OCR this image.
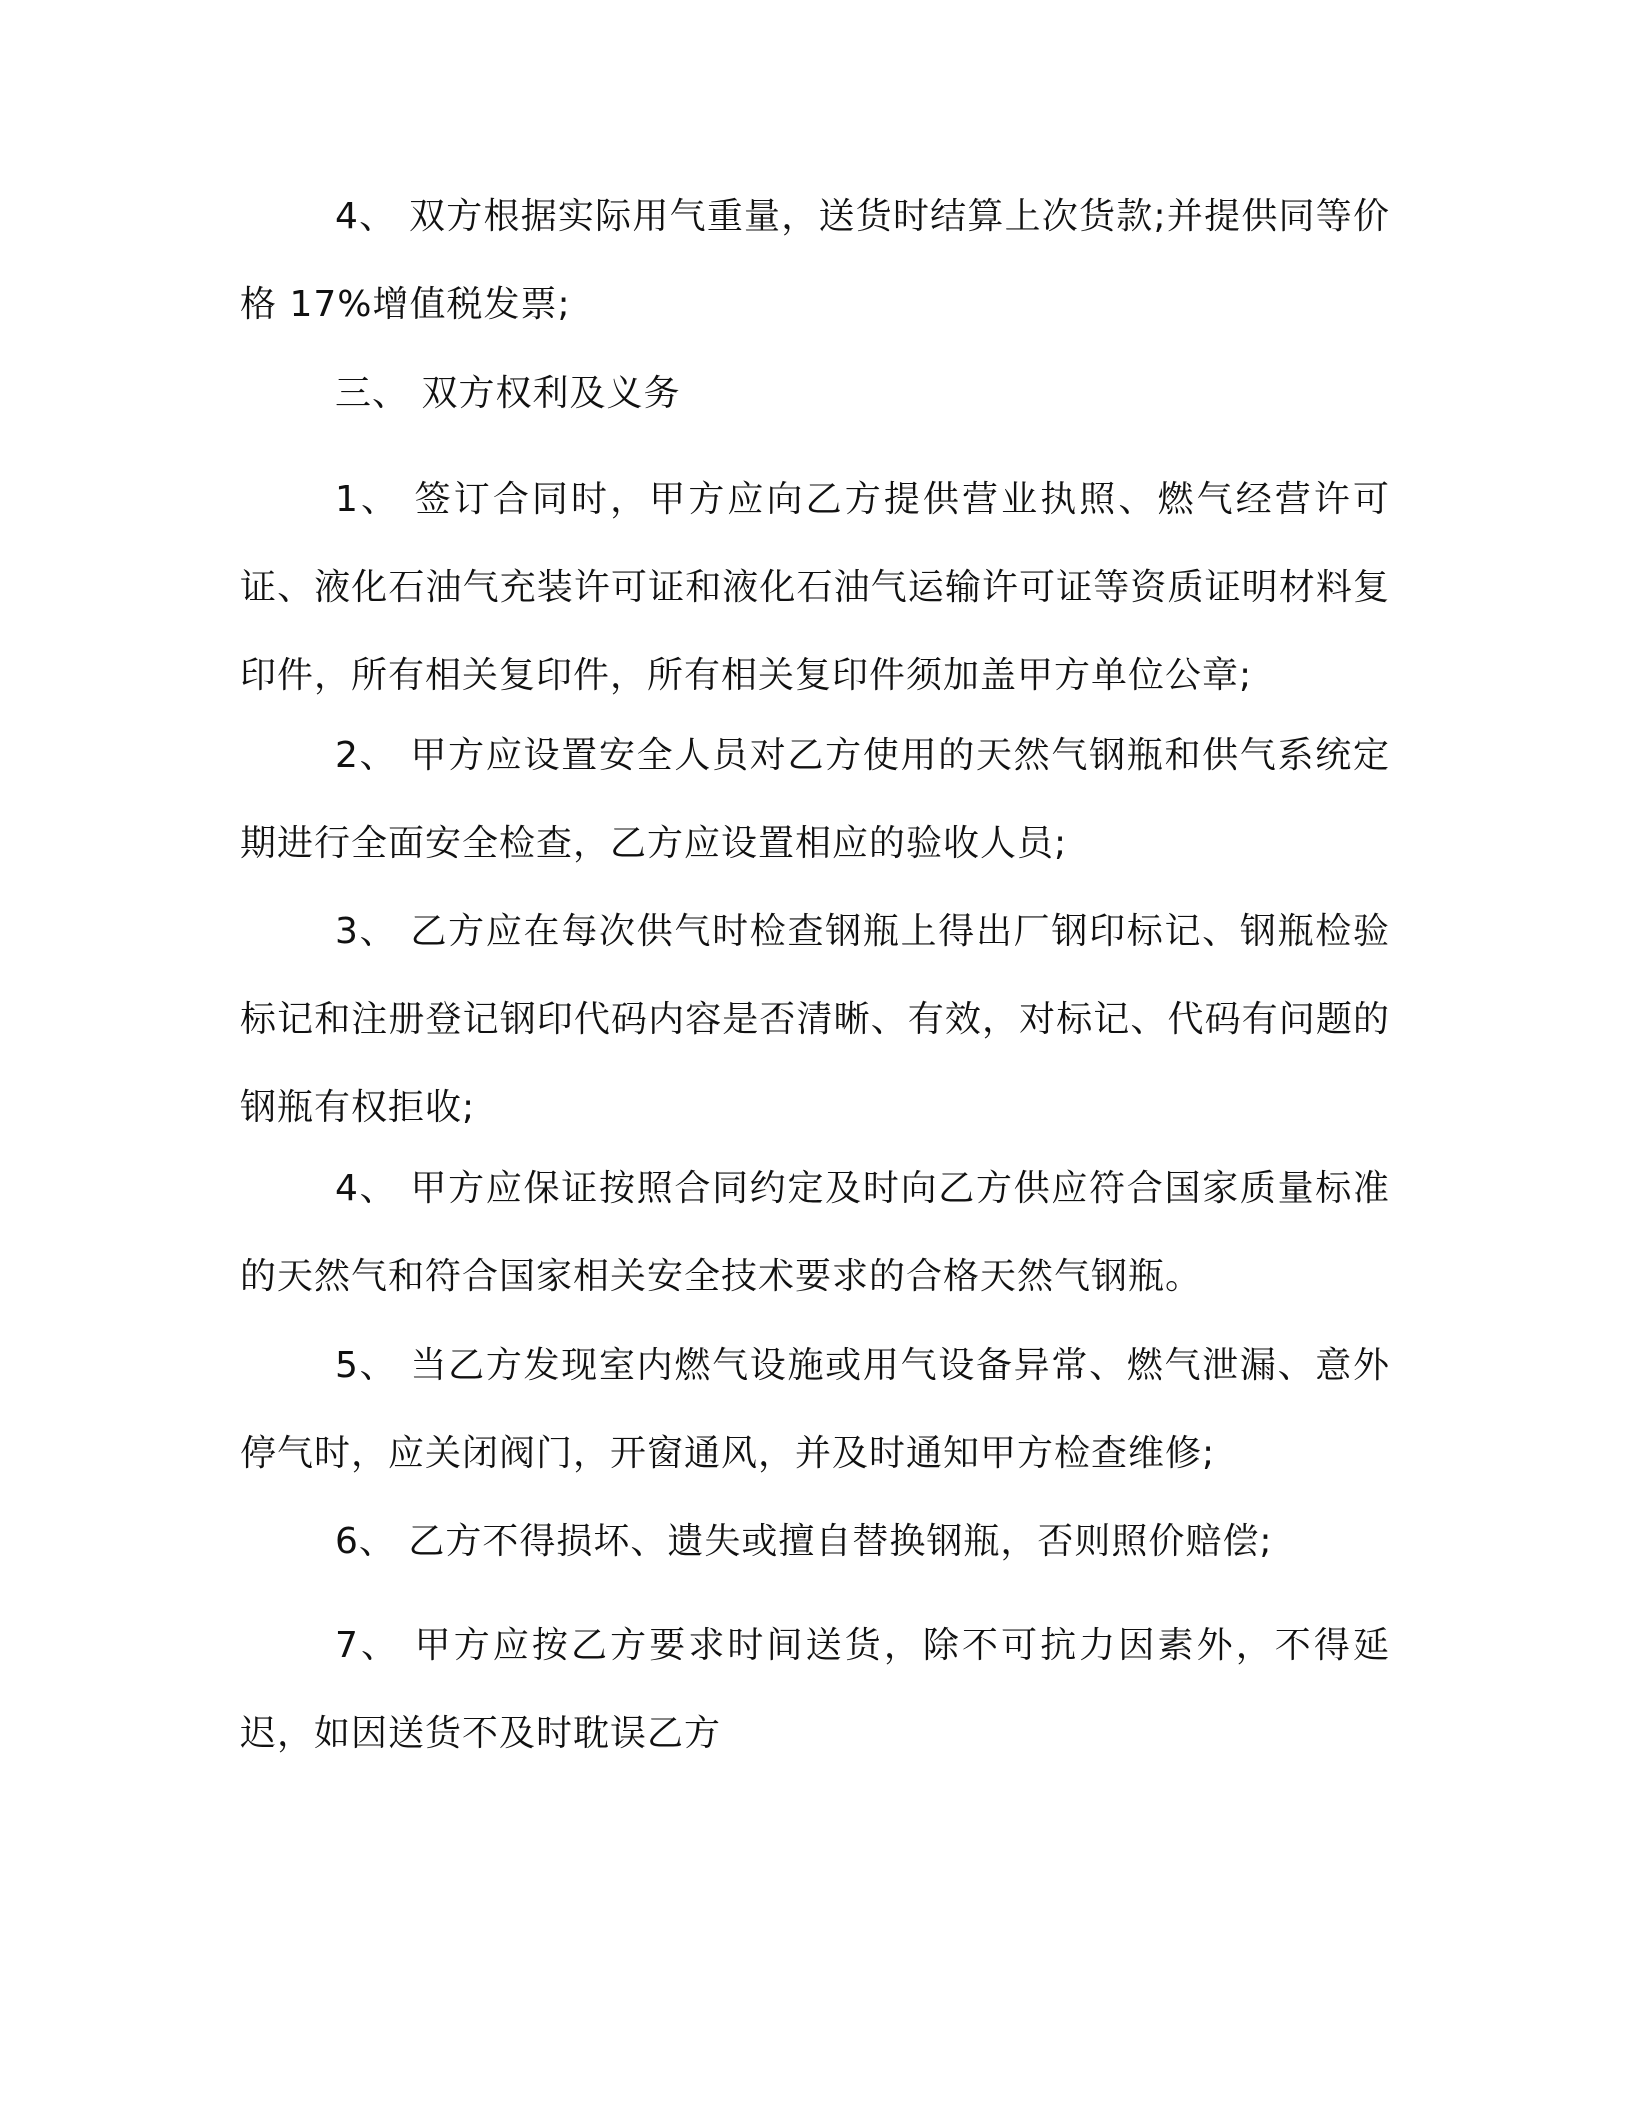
4、 双方根据实际用气重量，送货时结算上次货款;并提供同等价格 17%增值税发票;

三、 双方权利及义务

1、 签订合同时，甲方应向乙方提供营业执照、燃气经营许可证、液化石油气充装许可证和液化石油气运输许可证等资质证明材料复印件，所有相关复印件，所有相关复印件须加盖甲方单位公章;

2、 甲方应设置安全人员对乙方使用的天然气钢瓶和供气系统定期进行全面安全检查，乙方应设置相应的验收人员;

3、 乙方应在每次供气时检查钢瓶上得出厂钢印标记、钢瓶检验标记和注册登记钢印代码内容是否清晰、有效，对标记、代码有问题的钢瓶有权拒收;

4、 甲方应保证按照合同约定及时向乙方供应符合国家质量标准的天然气和符合国家相关安全技术要求的合格天然气钢瓶。

5、 当乙方发现室内燃气设施或用气设备异常、燃气泄漏、意外停气时，应关闭阀门，开窗通风，并及时通知甲方检查维修;

6、 乙方不得损坏、遗失或擅自替换钢瓶，否则照价赔偿;

7、 甲方应按乙方要求时间送货，除不可抗力因素外，不得延迟，如因送货不及时耽误乙方
